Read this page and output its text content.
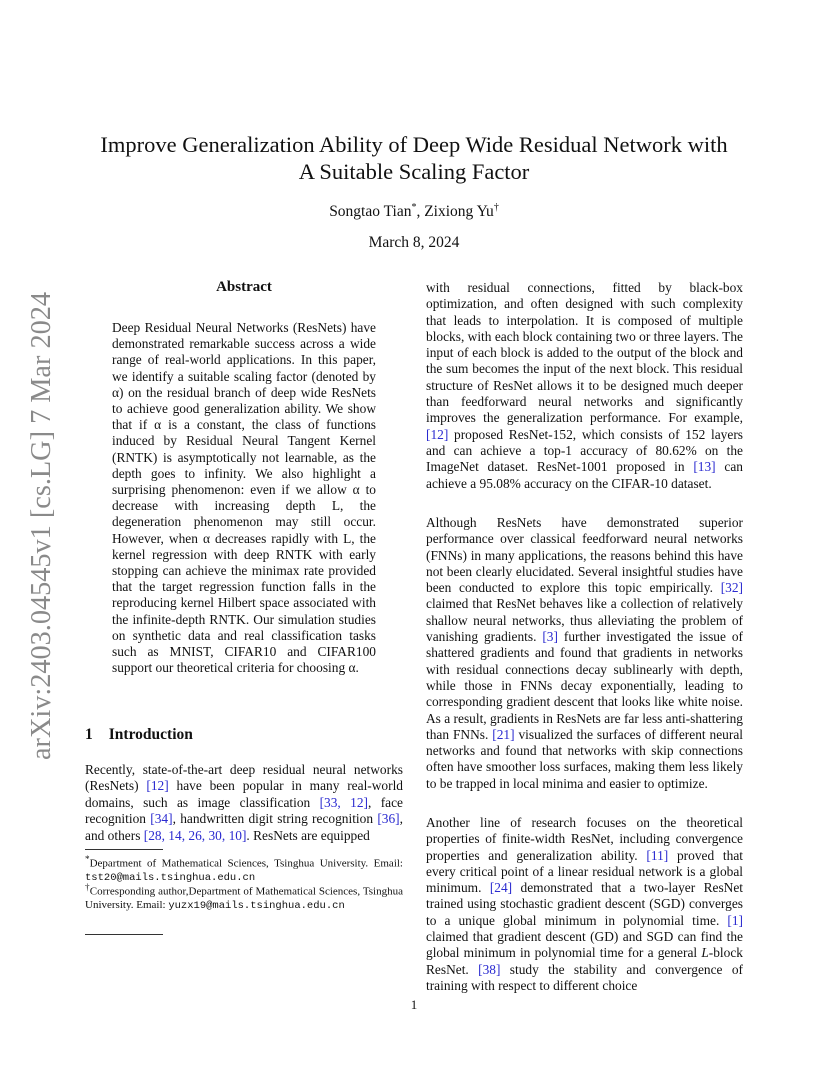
arXiv:2403.04545v1 [cs.LG] 7 Mar 2024
Improve Generalization Ability of Deep Wide Residual Network with
A Suitable Scaling Factor
Songtao Tian*, Zixiong Yu†
March 8, 2024
Abstract

Deep Residual Neural Networks (ResNets) have demonstrated remarkable success across a wide range of real-world applications. In this paper, we identify a suitable scaling factor (denoted by α) on the residual branch of deep wide ResNets to achieve good generalization ability. We show that if α is a constant, the class of functions induced by Residual Neural Tangent Kernel (RNTK) is asymptotically not learnable, as the depth goes to infinity. We also highlight a surprising phenomenon: even if we allow α to decrease with increasing depth L, the degeneration phenomenon may still occur. However, when α decreases rapidly with L, the kernel regression with deep RNTK with early stopping can achieve the minimax rate provided that the target regression function falls in the reproducing kernel Hilbert space associated with the infinite-depth RNTK. Our simulation studies on synthetic data and real classification tasks such as MNIST, CIFAR10 and CIFAR100 support our theoretical criteria for choosing α.

1 Introduction

Recently, state-of-the-art deep residual neural networks (ResNets) [12] have been popular in many real-world domains, such as image classification [33, 12], face recognition [34], handwritten digit string recognition [36], and others [28, 14, 26, 30, 10]. ResNets are equipped

*Department of Mathematical Sciences, Tsinghua University. Email: tst20@mails.tsinghua.edu.cn

†Corresponding author,Department of Mathematical Sciences, Tsinghua University. Email: yuzx19@mails.tsinghua.edu.cn

with residual connections, fitted by black-box optimization, and often designed with such complexity that leads to interpolation. It is composed of multiple blocks, with each block containing two or three layers. The input of each block is added to the output of the block and the sum becomes the input of the next block. This residual structure of ResNet allows it to be designed much deeper than feedforward neural networks and significantly improves the generalization performance. For example, [12] proposed ResNet-152, which consists of 152 layers and can achieve a top-1 accuracy of 80.62% on the ImageNet dataset. ResNet-1001 proposed in [13] can achieve a 95.08% accuracy on the CIFAR-10 dataset.

Although ResNets have demonstrated superior performance over classical feedforward neural networks (FNNs) in many applications, the reasons behind this have not been clearly elucidated. Several insightful studies have been conducted to explore this topic empirically. [32] claimed that ResNet behaves like a collection of relatively shallow neural networks, thus alleviating the problem of vanishing gradients. [3] further investigated the issue of shattered gradients and found that gradients in networks with residual connections decay sublinearly with depth, while those in FNNs decay exponentially, leading to corresponding gradient descent that looks like white noise. As a result, gradients in ResNets are far less anti-shattering than FNNs. [21] visualized the surfaces of different neural networks and found that networks with skip connections often have smoother loss surfaces, making them less likely to be trapped in local minima and easier to optimize.

Another line of research focuses on the theoretical properties of finite-width ResNet, including convergence properties and generalization ability. [11] proved that every critical point of a linear residual network is a global minimum. [24] demonstrated that a two-layer ResNet trained using stochastic gradient descent (SGD) converges to a unique global minimum in polynomial time. [1] claimed that gradient descent (GD) and SGD can find the global minimum in polynomial time for a general L-block ResNet. [38] study the stability and convergence of training with respect to different choice

1
